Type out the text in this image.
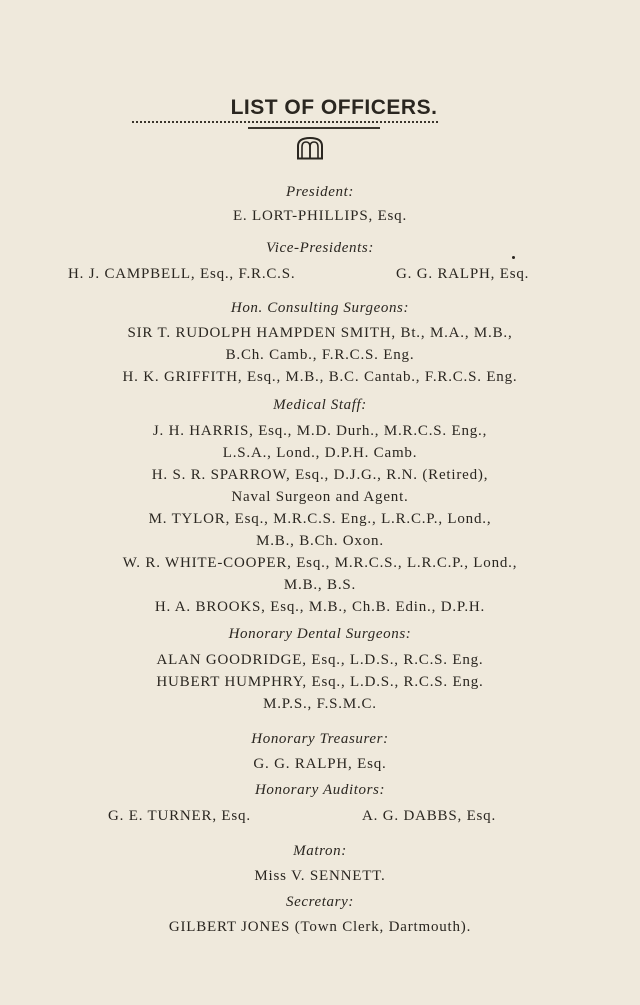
LIST OF OFFICERS.
President:
E. LORT-PHILLIPS, Esq.
Vice-Presidents:
H. J. CAMPBELL, Esq., F.R.C.S.	G. G. RALPH, Esq.
Hon. Consulting Surgeons:
SIR T. RUDOLPH HAMPDEN SMITH, Bt., M.A., M.B.,
B.Ch. Camb., F.R.C.S. Eng.
H. K. GRIFFITH, Esq., M.B., B.C. Cantab., F.R.C.S. Eng.
Medical Staff:
J. H. HARRIS, Esq., M.D. Durh., M.R.C.S. Eng.,
L.S.A., Lond., D.P.H. Camb.
H. S. R. SPARROW, Esq., D.J.G., R.N. (Retired),
Naval Surgeon and Agent.
M. TYLOR, Esq., M.R.C.S. Eng., L.R.C.P., Lond.,
M.B., B.Ch. Oxon.
W. R. WHITE-COOPER, Esq., M.R.C.S., L.R.C.P., Lond.,
M.B., B.S.
H. A. BROOKS, Esq., M.B., Ch.B. Edin., D.P.H.
Honorary Dental Surgeons:
ALAN GOODRIDGE, Esq., L.D.S., R.C.S. Eng.
HUBERT HUMPHRY, Esq., L.D.S., R.C.S. Eng.
M.P.S., F.S.M.C.
Honorary Treasurer:
G. G. RALPH, Esq.
Honorary Auditors:
G. E. TURNER, Esq.	A. G. DABBS, Esq.
Matron:
Miss V. SENNETT.
Secretary:
GILBERT JONES (Town Clerk, Dartmouth).
